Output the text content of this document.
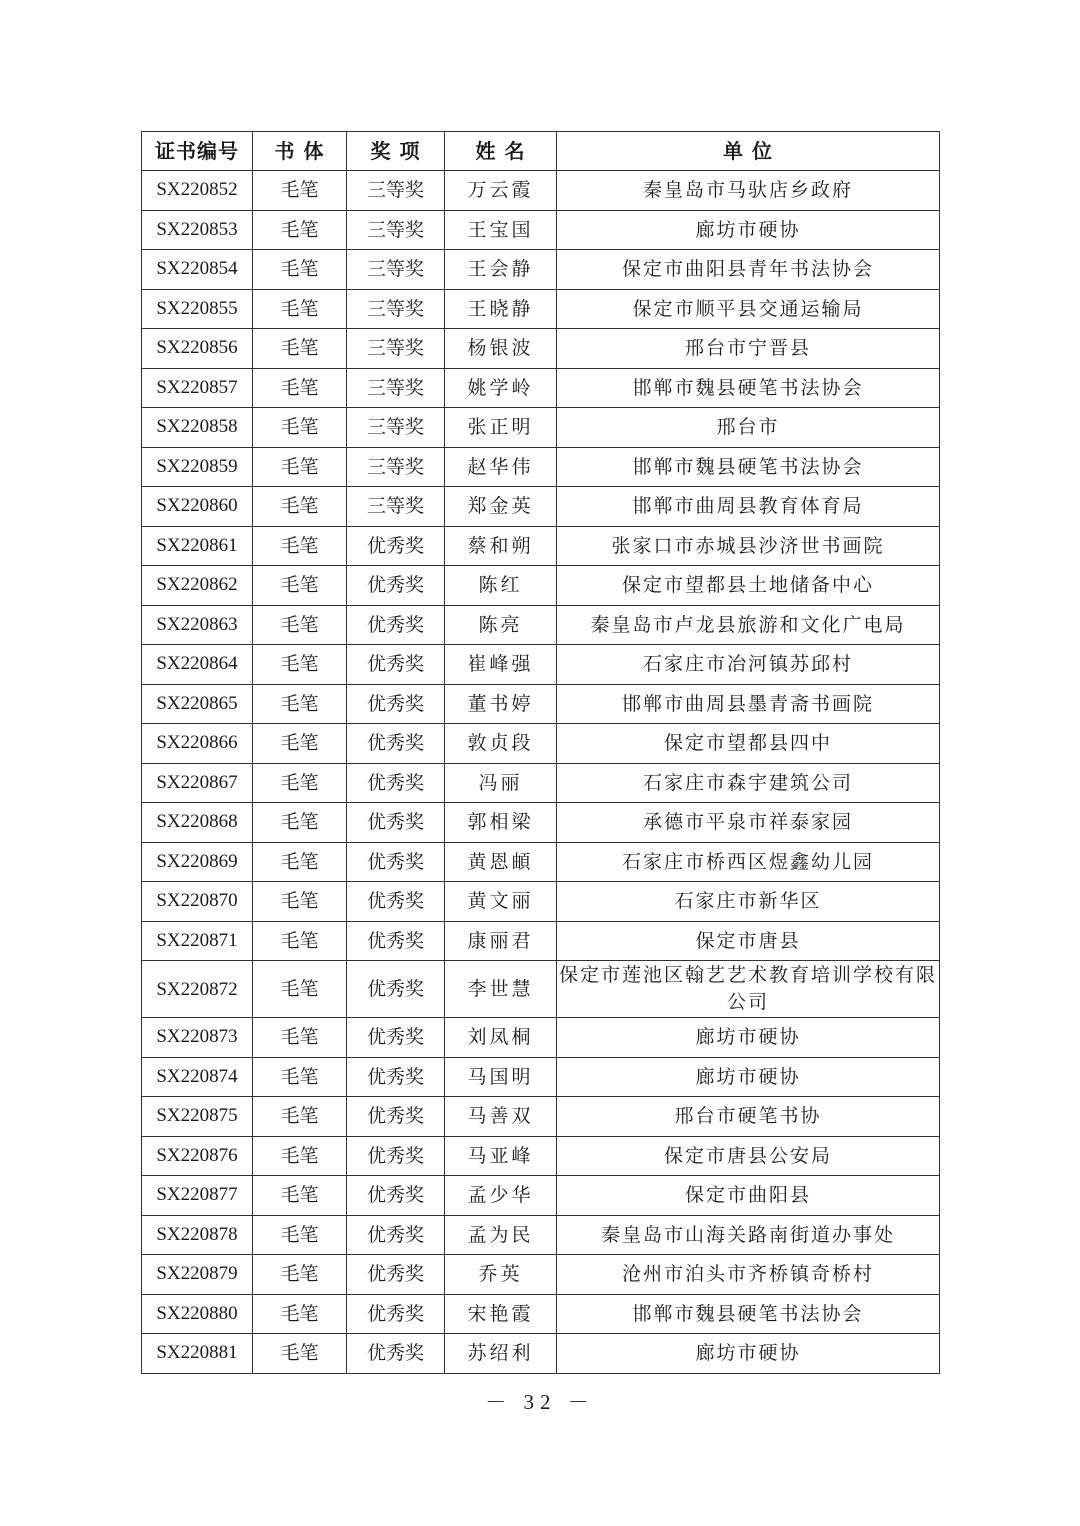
证书编号	书 体	奖 项	姓 名	单 位
SX220852	毛笔	三等奖	万云霞	秦皇岛市马驮店乡政府
SX220853	毛笔	三等奖	王宝国	廊坊市硬协
SX220854	毛笔	三等奖	王会静	保定市曲阳县青年书法协会
SX220855	毛笔	三等奖	王晓静	保定市顺平县交通运输局
SX220856	毛笔	三等奖	杨银波	邢台市宁晋县
SX220857	毛笔	三等奖	姚学岭	邯郸市魏县硬笔书法协会
SX220858	毛笔	三等奖	张正明	邢台市
SX220859	毛笔	三等奖	赵华伟	邯郸市魏县硬笔书法协会
SX220860	毛笔	三等奖	郑金英	邯郸市曲周县教育体育局
SX220861	毛笔	优秀奖	蔡和朔	张家口市赤城县沙济世书画院
SX220862	毛笔	优秀奖	陈红	保定市望都县土地储备中心
SX220863	毛笔	优秀奖	陈亮	秦皇岛市卢龙县旅游和文化广电局
SX220864	毛笔	优秀奖	崔峰强	石家庄市冶河镇苏邱村
SX220865	毛笔	优秀奖	董书婷	邯郸市曲周县墨青斋书画院
SX220866	毛笔	优秀奖	敦贞段	保定市望都县四中
SX220867	毛笔	优秀奖	冯丽	石家庄市森宇建筑公司
SX220868	毛笔	优秀奖	郭相梁	承德市平泉市祥泰家园
SX220869	毛笔	优秀奖	黄恩頔	石家庄市桥西区煜鑫幼儿园
SX220870	毛笔	优秀奖	黄文丽	石家庄市新华区
SX220871	毛笔	优秀奖	康丽君	保定市唐县
SX220872	毛笔	优秀奖	李世慧	保定市莲池区翰艺艺术教育培训学校有限公司
SX220873	毛笔	优秀奖	刘凤桐	廊坊市硬协
SX220874	毛笔	优秀奖	马国明	廊坊市硬协
SX220875	毛笔	优秀奖	马善双	邢台市硬笔书协
SX220876	毛笔	优秀奖	马亚峰	保定市唐县公安局
SX220877	毛笔	优秀奖	孟少华	保定市曲阳县
SX220878	毛笔	优秀奖	孟为民	秦皇岛市山海关路南街道办事处
SX220879	毛笔	优秀奖	乔英	沧州市泊头市齐桥镇奇桥村
SX220880	毛笔	优秀奖	宋艳霞	邯郸市魏县硬笔书法协会
SX220881	毛笔	优秀奖	苏绍利	廊坊市硬协
－ 32 －
